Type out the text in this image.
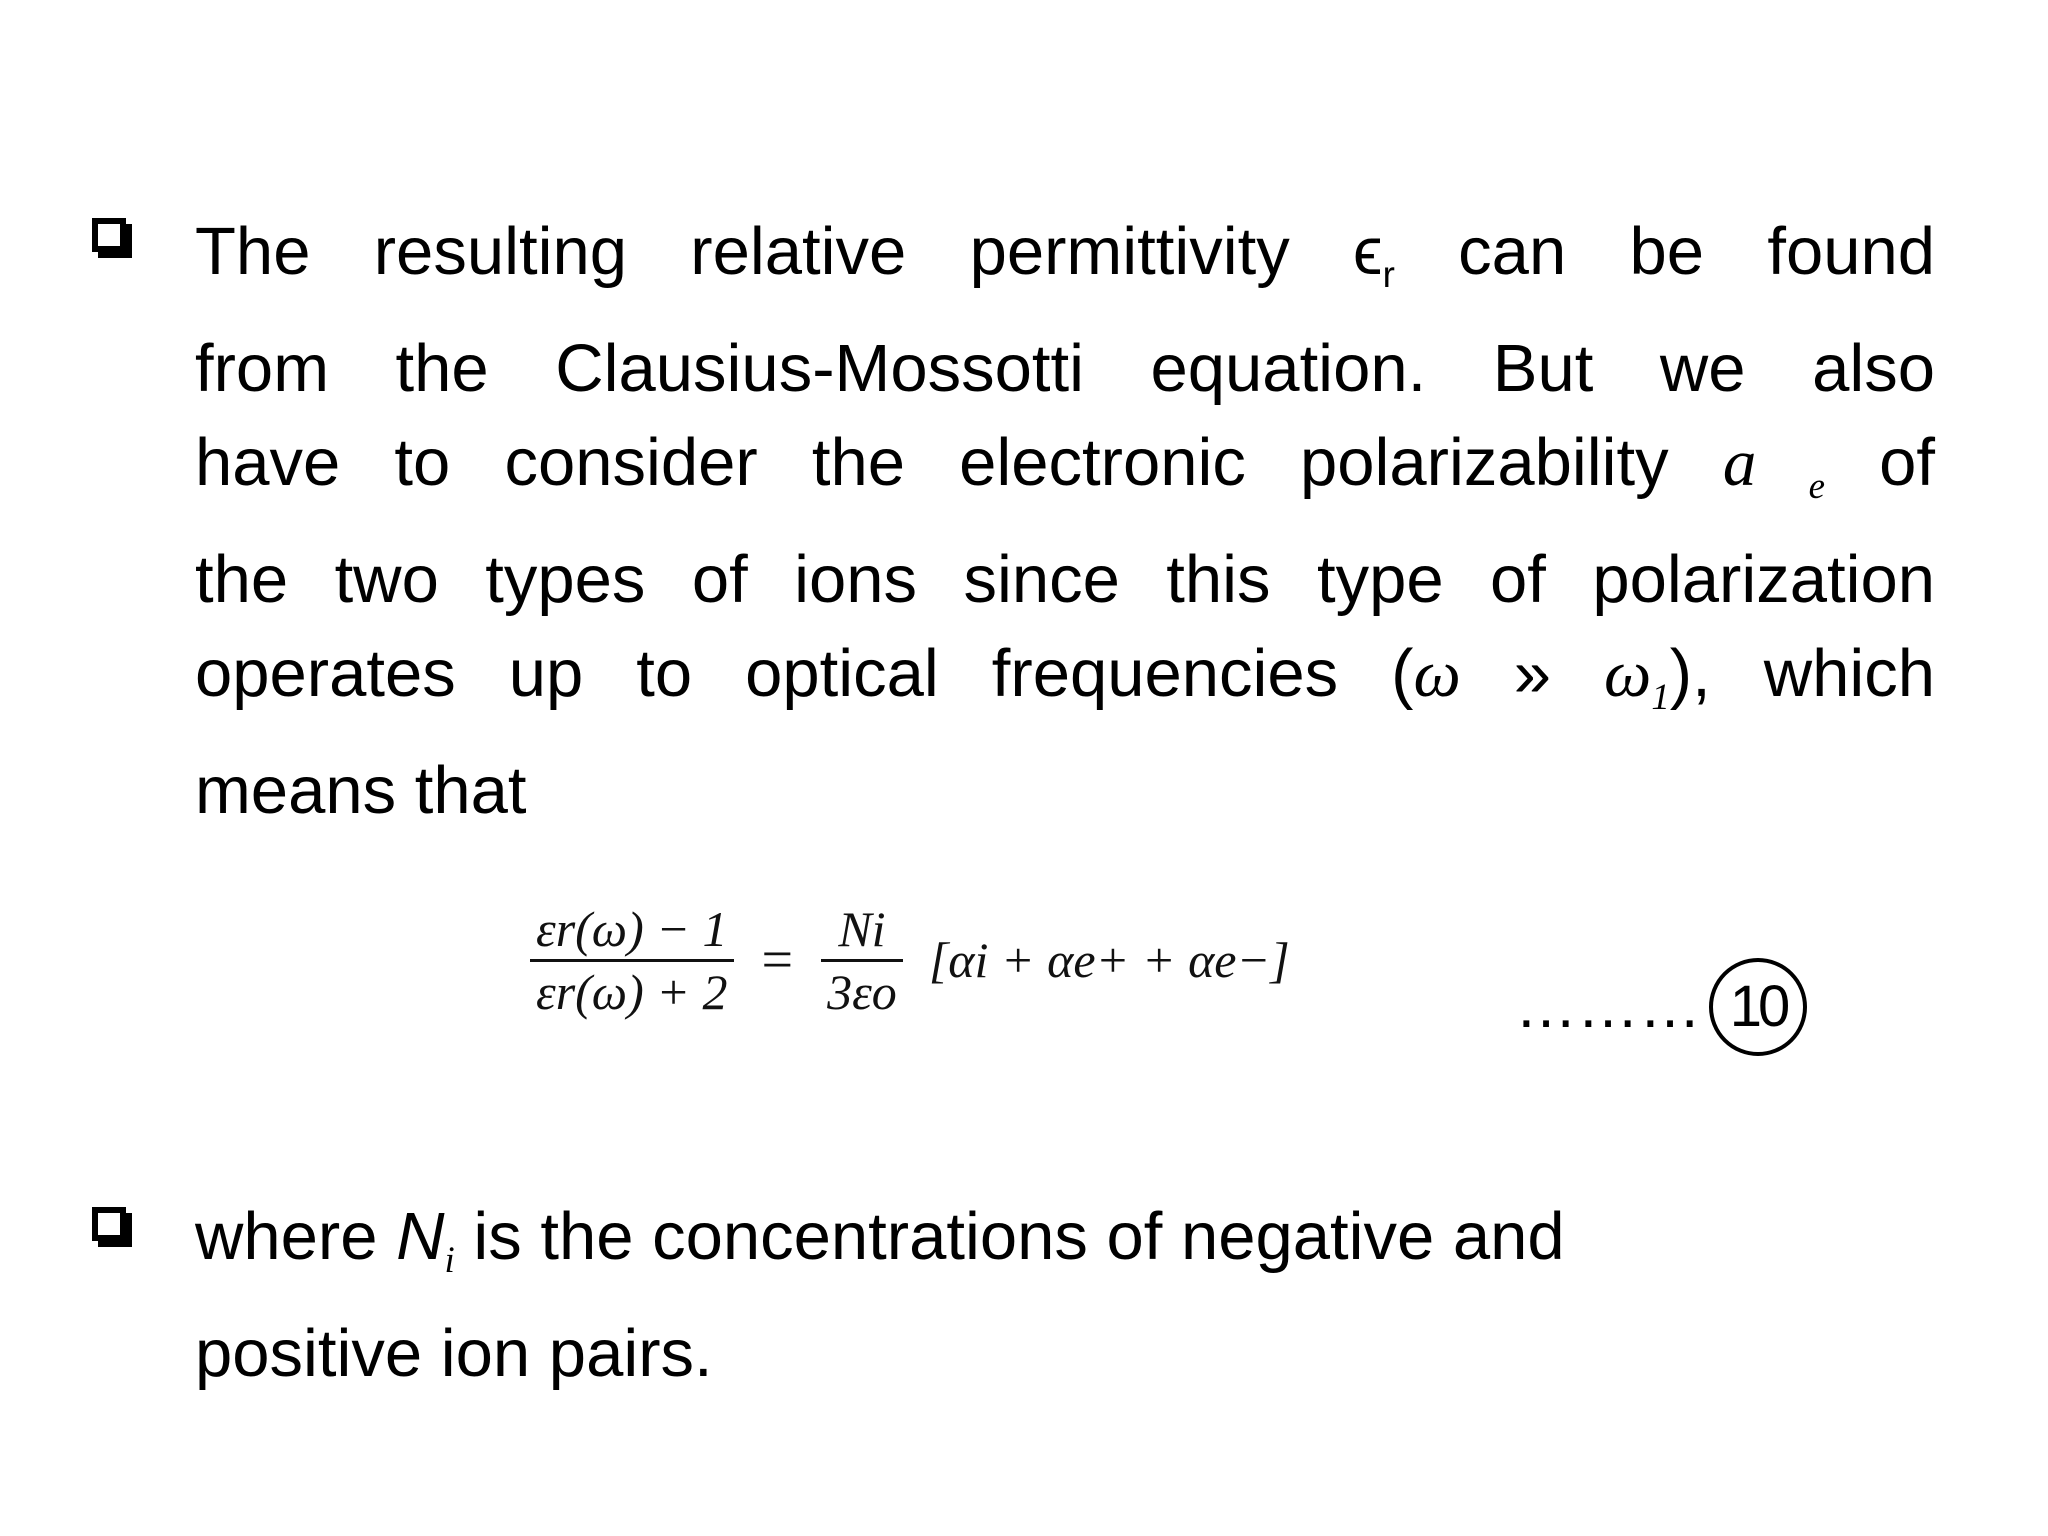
The resulting relative permittivity $\epsilon_r$ can be found
from the Clausius-Mossotti equation. But we also
have to consider the electronic polarizability a $_e$ of
the two types of ions since this type of polarization
operates up to optical frequencies (ω » $\omega_1$), which
means that
$\frac{\varepsilon r(\omega) - 1}{\varepsilon r(\omega) + 2} = \frac{Ni}{3\varepsilon o} [\alpha i + \alpha e+ + \alpha e-]$
……… 10
where $N_i$ is the concentrations of negative and
positive ion pairs.
